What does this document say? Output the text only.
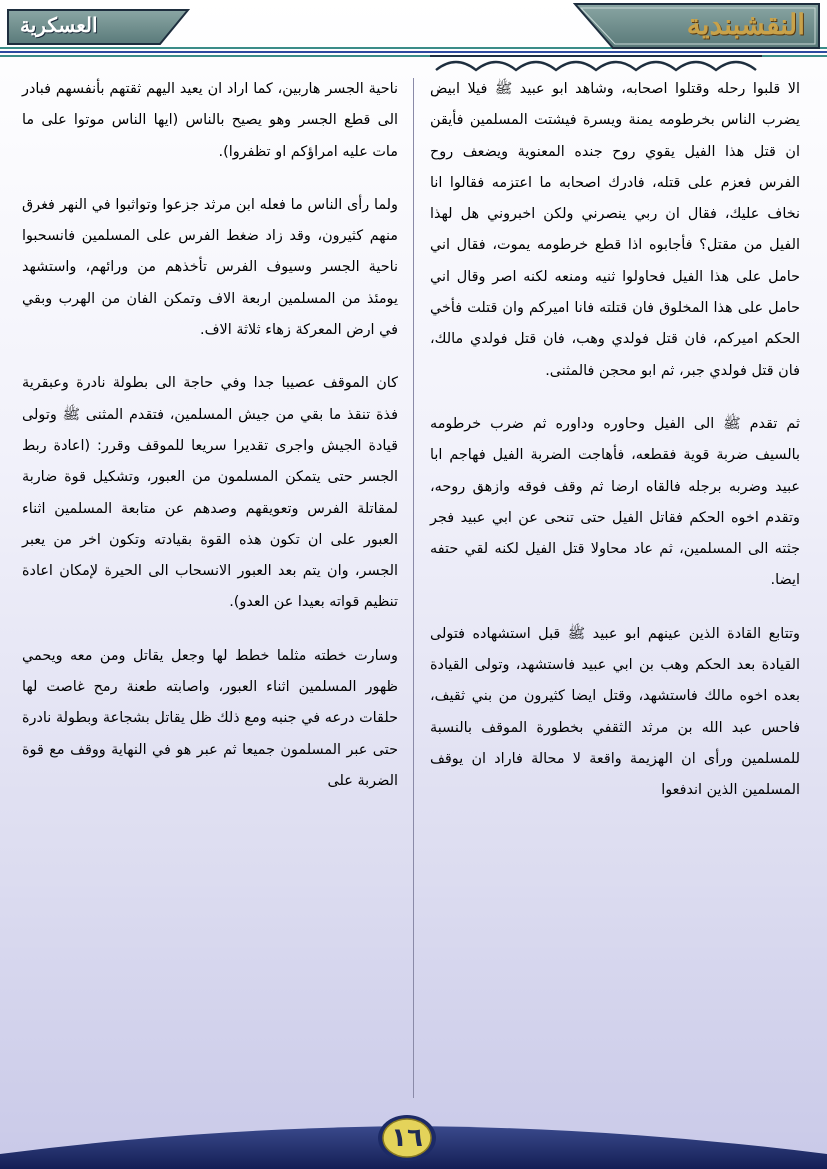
النقشبندية
العسكرية

الا قلبوا رحله وقتلوا اصحابه، وشاهد ابو عبيد ﷺ فيلا ابيض يضرب الناس بخرطومه يمنة ويسرة فيشتت المسلمين فأيقن ان قتل هذا الفيل يقوي روح جنده المعنوية ويضعف روح الفرس فعزم على قتله، فادرك اصحابه ما اعتزمه فقالوا انا نخاف عليك، فقال ان ربي ينصرني ولكن اخبروني هل لهذا الفيل من مقتل؟ فأجابوه اذا قطع خرطومه يموت، فقال اني حامل على هذا الفيل فحاولوا ثنيه ومنعه لكنه اصر وقال اني حامل على هذا المخلوق فان قتلته فانا اميركم وان قتلت فأخي الحكم اميركم، فان قتل فولدي وهب، فان قتل فولدي مالك، فان قتل فولدي جبر، ثم ابو محجن فالمثنى.

ثم تقدم ﷺ الى الفيل وحاوره وداوره ثم ضرب خرطومه بالسيف ضربة قوية فقطعه، فأهاجت الضربة الفيل فهاجم ابا عبيد وضربه برجله فالقاه ارضا ثم وقف فوقه وازهق روحه، وتقدم اخوه الحكم فقاتل الفيل حتى تنحى عن ابي عبيد فجر جثته الى المسلمين، ثم عاد محاولا قتل الفيل لكنه لقي حتفه ايضا.

وتتابع القادة الذين عينهم ابو عبيد ﷺ قبل استشهاده فتولى القيادة بعد الحكم وهب بن ابي عبيد فاستشهد، وتولى القيادة بعده اخوه مالك فاستشهد، وقتل ايضا كثيرون من بني ثقيف، فاحس عبد الله بن مرثد الثقفي بخطورة الموقف بالنسبة للمسلمين ورأى ان الهزيمة واقعة لا محالة فاراد ان يوقف المسلمين الذين اندفعوا

ناحية الجسر هاربين، كما اراد ان يعيد اليهم ثقتهم بأنفسهم فبادر الى قطع الجسر وهو يصيح بالناس (ايها الناس موتوا على ما مات عليه امراؤكم او تظفروا).

ولما رأى الناس ما فعله ابن مرثد جزعوا وتواثبوا في النهر فغرق منهم كثيرون، وقد زاد ضغط الفرس على المسلمين فانسحبوا ناحية الجسر وسيوف الفرس تأخذهم من ورائهم، واستشهد يومئذ من المسلمين اربعة الاف وتمكن الفان من الهرب وبقي في ارض المعركة زهاء ثلاثة الاف.

كان الموقف عصيبا جدا وفي حاجة الى بطولة نادرة وعبقرية فذة تنقذ ما بقي من جيش المسلمين، فتقدم المثنى ﷺ وتولى قيادة الجيش واجرى تقديرا سريعا للموقف وقرر: (اعادة ربط الجسر حتى يتمكن المسلمون من العبور، وتشكيل قوة ضاربة لمقاتلة الفرس وتعويقهم وصدهم عن متابعة المسلمين اثناء العبور على ان تكون هذه القوة بقيادته وتكون اخر من يعبر الجسر، وان يتم بعد العبور الانسحاب الى الحيرة لإمكان اعادة تنظيم قواته بعيدا عن العدو).

وسارت خطته مثلما خطط لها وجعل يقاتل ومن معه ويحمي ظهور المسلمين اثناء العبور، واصابته طعنة رمح غاصت لها حلقات درعه في جنبه ومع ذلك ظل يقاتل بشجاعة وبطولة نادرة حتى عبر المسلمون جميعا ثم عبر هو في النهاية ووقف مع قوة الضربة على

١٦
